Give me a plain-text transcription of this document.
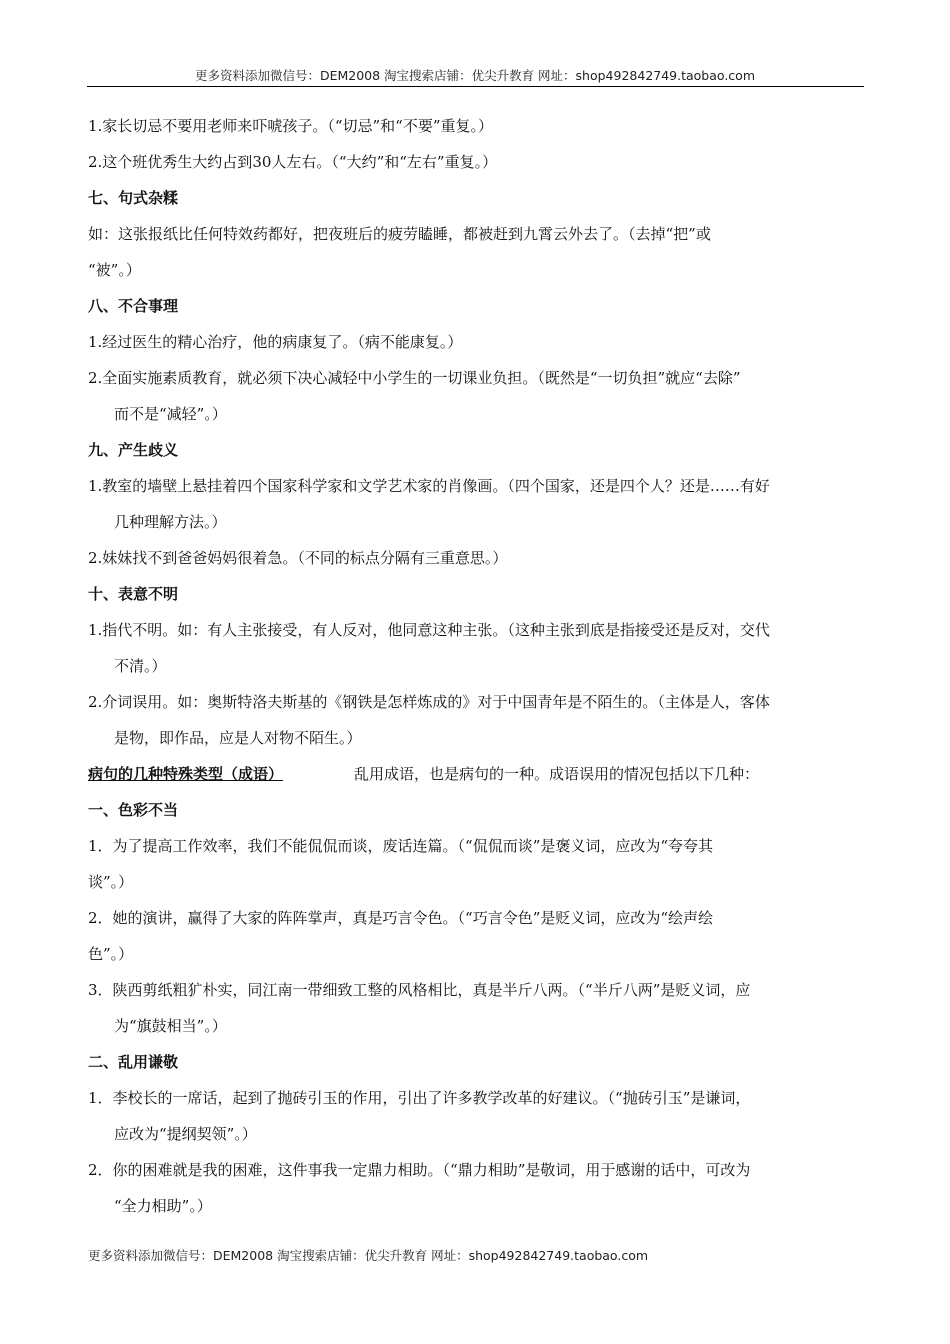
更多资料添加微信号：DEM2008 淘宝搜索店铺：优尖升教育 网址：shop492842749.taobao.com
1.家长切忌不要用老师来吓唬孩子。（“切忌”和“不要”重复。）
2.这个班优秀生大约占到30人左右。（“大约”和“左右”重复。）
七、句式杂糅
如：这张报纸比任何特效药都好，把夜班后的疲劳瞌睡，都被赶到九霄云外去了。（去掉“把”或
“被”。）
八、不合事理
1.经过医生的精心治疗，他的病康复了。（病不能康复。）
2.全面实施素质教育，就必须下决心减轻中小学生的一切课业负担。（既然是“一切负担”就应“去除”
而不是“减轻”。）
九、产生歧义
1.教室的墙壁上悬挂着四个国家科学家和文学艺术家的肖像画。（四个国家，还是四个人？还是……有好
几种理解方法。）
2.妹妹找不到爸爸妈妈很着急。（不同的标点分隔有三重意思。）
十、表意不明
1.指代不明。如：有人主张接受，有人反对，他同意这种主张。（这种主张到底是指接受还是反对，交代
不清。）
2.介词误用。如：奥斯特洛夫斯基的《钢铁是怎样炼成的》对于中国青年是不陌生的。（主体是人，客体
是物，即作品，应是人对物不陌生。）
病句的几种特殊类型（成语）	乱用成语，也是病句的一种。成语误用的情况包括以下几种：
一、色彩不当
1．为了提高工作效率，我们不能侃侃而谈，废话连篇。（“侃侃而谈”是褒义词，应改为“夸夸其
谈”。）
2．她的演讲，赢得了大家的阵阵掌声，真是巧言令色。（“巧言令色”是贬义词，应改为“绘声绘
色”。）
3．陕西剪纸粗犷朴实，同江南一带细致工整的风格相比，真是半斤八两。（“半斤八两”是贬义词，应
为“旗鼓相当”。）
二、乱用谦敬
1．李校长的一席话，起到了抛砖引玉的作用，引出了许多教学改革的好建议。（“抛砖引玉”是谦词，
应改为“提纲契领”。）
2．你的困难就是我的困难，这件事我一定鼎力相助。（“鼎力相助”是敬词，用于感谢的话中，可改为
“全力相助”。）
更多资料添加微信号：DEM2008 淘宝搜索店铺：优尖升教育 网址：shop492842749.taobao.com
